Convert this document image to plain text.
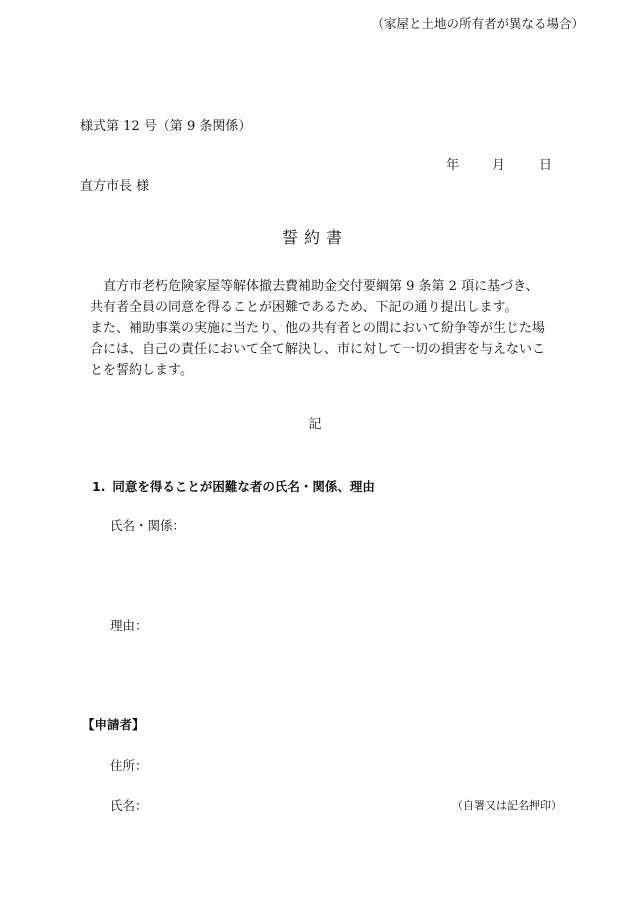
（家屋と土地の所有者が異なる場合）
様式第 12 号（第 9 条関係）
年	月	日
直方市長 様
誓約書

直方市老朽危険家屋等解体撤去費補助金交付要綱第 9 条第 2 項に基づき、共有者全員の同意を得ることが困難であるため、下記の通り提出します。

また、補助事業の実施に当たり、他の共有者との間において紛争等が生じた場合には、自己の責任において全て解決し、市に対して一切の損害を与えないことを誓約します。

記
1. 同意を得ることが困難な者の氏名・関係、理由
氏名・関係：
理由：
【申請者】
住所：
氏名：	（自署又は記名押印）
